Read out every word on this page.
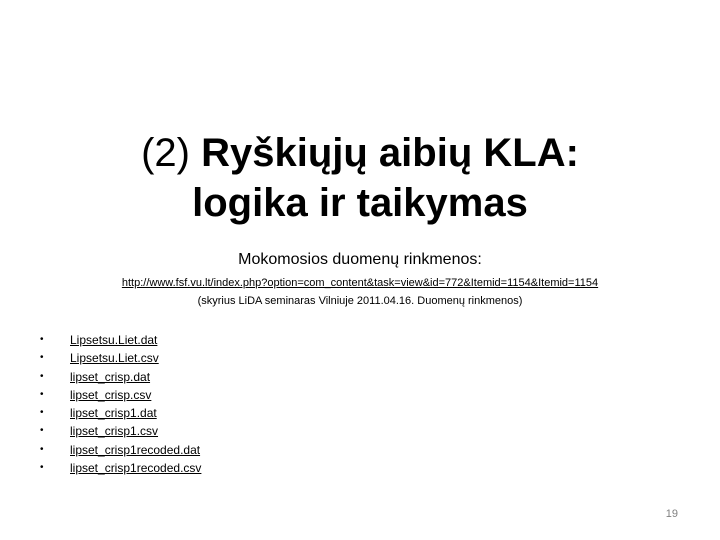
(2) Ryškiųjų aibių KLA:
logika ir taikymas
Mokomosios duomenų rinkmenos:
http://www.fsf.vu.lt/index.php?option=com_content&task=view&id=772&Itemid=1154&Itemid=1154
(skyrius LiDA seminaras Vilniuje 2011.04.16. Duomenų rinkmenos)
• Lipsetsu.Liet.dat
• Lipsetsu.Liet.csv
• lipset_crisp.dat
• lipset_crisp.csv
• lipset_crisp1.dat
• lipset_crisp1.csv
• lipset_crisp1recoded.dat
• lipset_crisp1recoded.csv
19
